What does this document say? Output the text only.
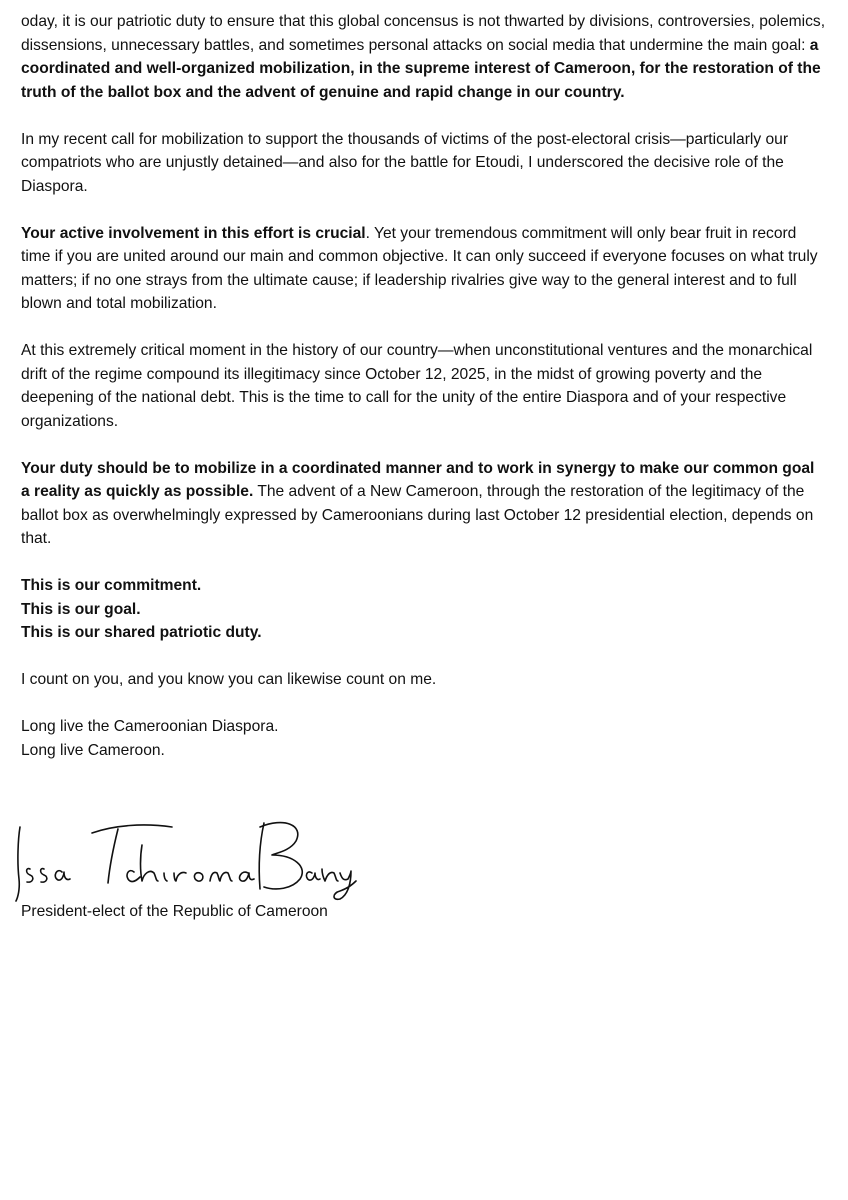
oday, it is our patriotic duty to ensure that this global concensus is not thwarted by divisions, controversies, polemics, dissensions, unnecessary battles, and sometimes personal attacks on social media that undermine the main goal: a coordinated and well-organized mobilization, in the supreme interest of Cameroon, for the restoration of the truth of the ballot box and the advent of genuine and rapid change in our country.

In my recent call for mobilization to support the thousands of victims of the post-electoral crisis—particularly our compatriots who are unjustly detained—and also for the battle for Etoudi, I underscored the decisive role of the Diaspora.

Your active involvement in this effort is crucial. Yet your tremendous commitment will only bear fruit in record time if you are united around our main and common objective. It can only succeed if everyone focuses on what truly matters; if no one strays from the ultimate cause; if leadership rivalries give way to the general interest and to full blown and total mobilization.

At this extremely critical moment in the history of our country—when unconstitutional ventures and the monarchical drift of the regime compound its illegitimacy since October 12, 2025, in the midst of growing poverty and the deepening of the national debt. This is the time to call for the unity of the entire Diaspora and of your respective organizations.

Your duty should be to mobilize in a coordinated manner and to work in synergy to make our common goal a reality as quickly as possible. The advent of a New Cameroon, through the restoration of the legitimacy of the ballot box as overwhelmingly expressed by Cameroonians during last October 12 presidential election, depends on that.

This is our commitment.
This is our goal.
This is our shared patriotic duty.

I count on you, and you know you can likewise count on me.

Long live the Cameroonian Diaspora.
Long live Cameroon.

President-elect of the Republic of Cameroon
